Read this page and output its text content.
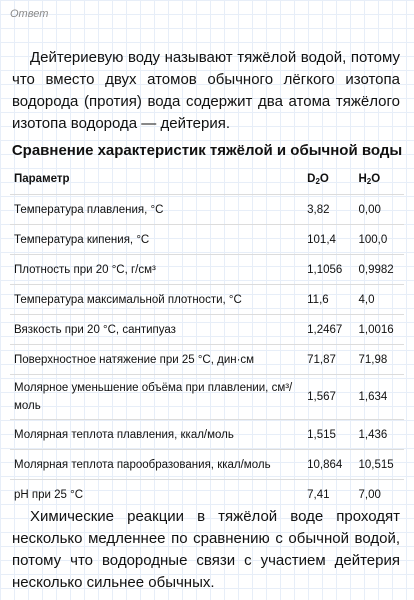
Ответ
Дейтериевую воду называют тяжёлой водой, потому что вместо двух атомов обычного лёгкого изотопа водорода (протия) вода содержит два атома тяжёлого изотопа водорода — дейтерия.
Сравнение характеристик тяжёлой и обычной воды
Параметр	$D_2O$	$H_2O$
Температура плавления, °С	3,82	0,00
Температура кипения, °С	101,4	100,0
Плотность при 20 °С, г/см³	1,1056	0,9982
Температура максимальной плотности, °С	11,6	4,0
Вязкость при 20 °С, сантипуаз	1,2467	1,0016
Поверхностное натяжение при 25 °С, дин·см	71,87	71,98
Молярное уменьшение объёма при плавлении, см³/моль	1,567	1,634
Молярная теплота плавления, ккал/моль	1,515	1,436
Молярная теплота парообразования, ккал/моль	10,864	10,515
pH при 25 °С	7,41	7,00
Химические реакции в тяжёлой воде проходят несколько медленнее по сравнению с обычной водой, потому что водородные связи с участием дейтерия несколько сильнее обычных.
